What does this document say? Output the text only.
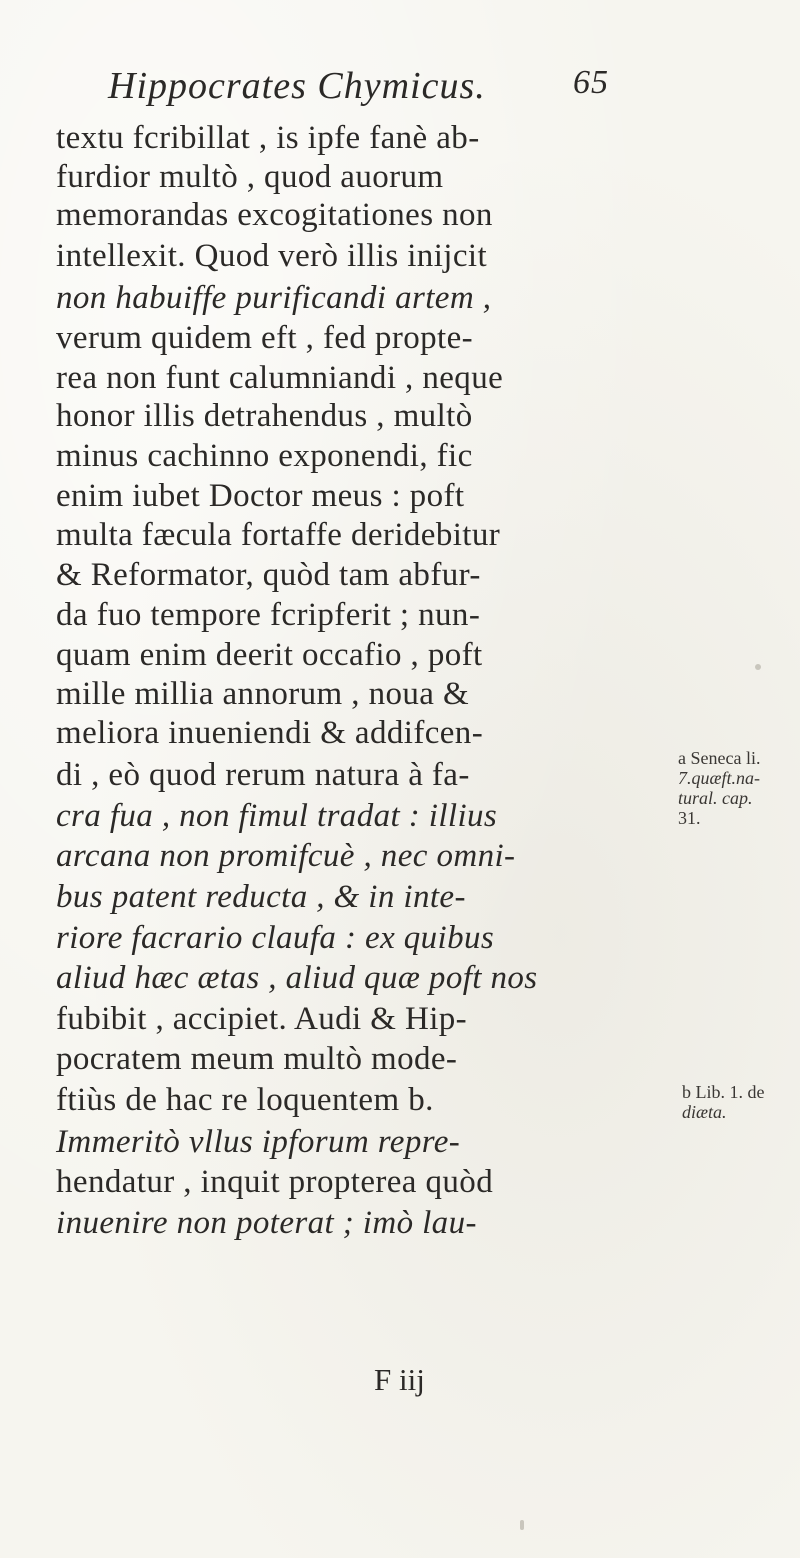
Hippocrates Chymicus.	65
textu fcribillat , is ipfe fanè ab-
furdior multò , quod auorum
memorandas excogitationes non
intellexit. Quod verò illis inijcit
non habuiffe purificandi artem ,
verum quidem eft , fed propte-
rea non funt calumniandi , neque
honor illis detrahendus , multò
minus cachinno exponendi, fic
enim iubet Doctor meus : poft
multa fæcula fortaffe deridebitur
& Reformator, quòd tam abfur-
da fuo tempore fcripferit ; nun-
quam enim deerit occafio , poft
mille millia annorum , noua &
meliora inueniendi & addifcen-
di , eò quod rerum natura à fa-
cra fua , non fimul tradat : illius
arcana non promifcuè , nec omni-
bus patent reducta , & in inte-
riore facrario claufa : ex quibus
aliud hæc ætas , aliud quæ poft nos
fubibit , accipiet. Audi & Hip-
pocratem meum multò mode-
ftiùs de hac re loquentem b.
Immeritò vllus ipforum repre-
hendatur , inquit propterea quòd
inuenire non poterat ; imò lau-
a Seneca li.
7.quæft.na-
tural. cap.
31.
b Lib. 1. de
diæta.
F iij
